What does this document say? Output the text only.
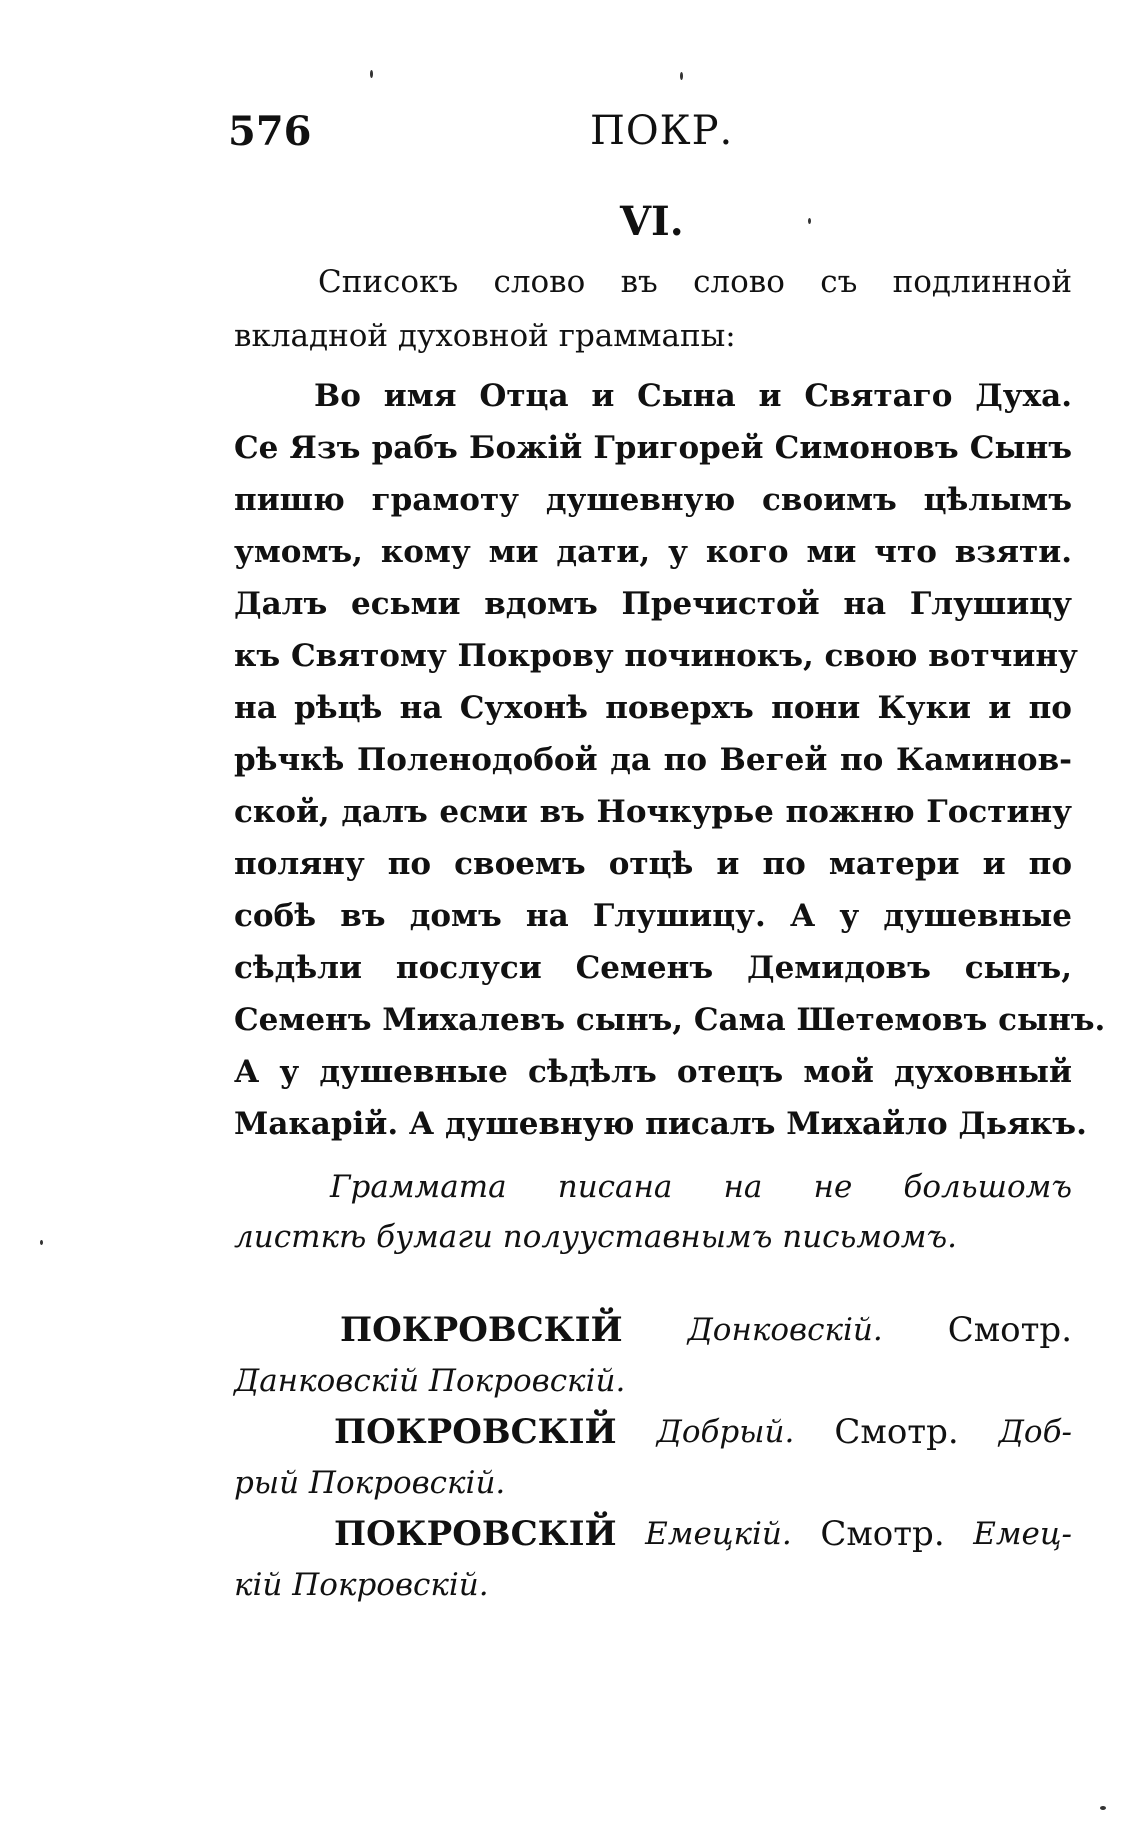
576	ПОКР.
VI.
Списокъ слово въ слово съ подлинной
вкладной духовной граммапы:
Во имя Отца и Сына и Святаго Духа.
Се Язъ рабъ Божій Григорей Симоновъ Сынъ
пишю грамоту душевную своимъ цѣлымъ
умомъ, кому ми дати, у кого ми что взяти.
Далъ есьми вдомъ Пречистой на Глушицу
къ Святому Покрову починокъ, свою вотчину
на рѣцѣ на Сухонѣ поверхъ пони Куки и по
рѣчкѣ Поленодобой да по Вегей по Каминов-
ской, далъ есми въ Ночкурье пожню Гостину
поляну по своемъ отцѣ и по матери и по
собѣ въ домъ на Глушицу. А у душевные
сѣдѣли послуси Семенъ Демидовъ сынъ,
Семенъ Михалевъ сынъ, Сама Шетемовъ сынъ.
А у душевные сѣдѣлъ отецъ мой духовный
Макарій. А душевную писалъ Михайло Дьякъ.
Граммата писана на не большомъ
листкѣ бумаги полууставнымъ письмомъ.
ПОКРОВСКІЙ Донковскій. Смотр.
Данковскій Покровскій.
ПОКРОВСКІЙ Добрый. Смотр. Доб-
рый Покровскій.
ПОКРОВСКІЙ Емецкій. Смотр. Емец-
кій Покровскій.
